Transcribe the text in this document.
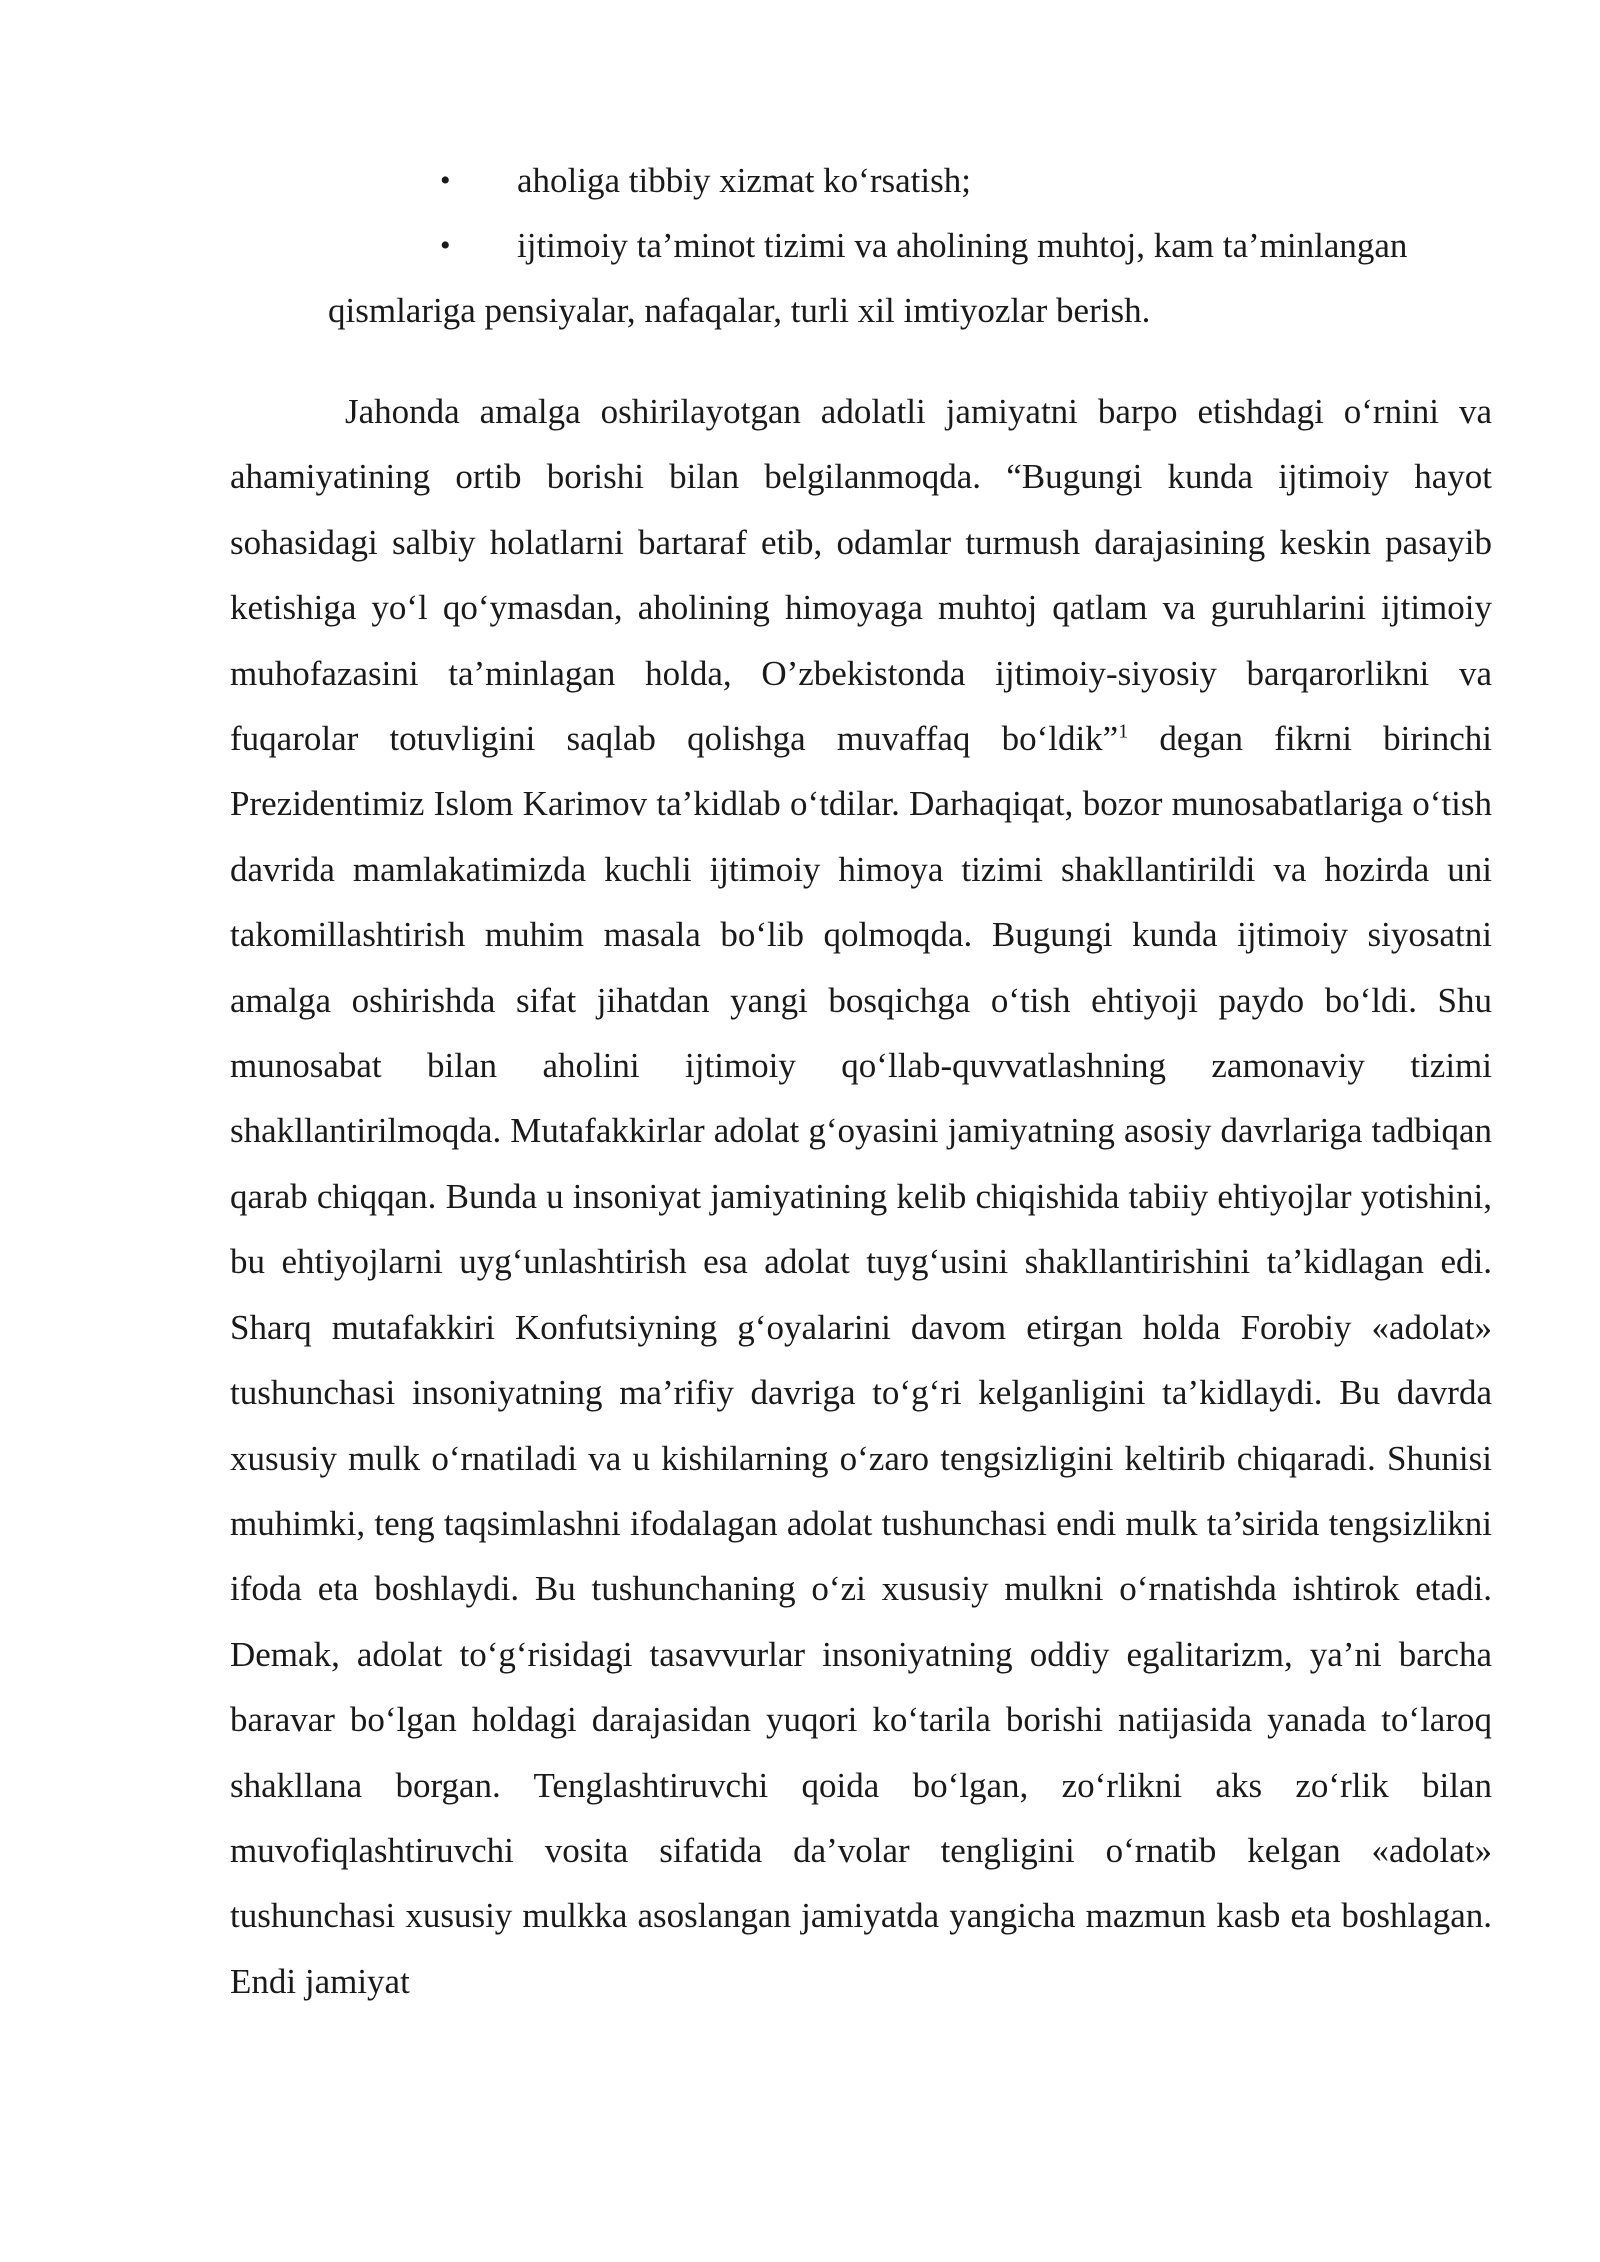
•	aholiga tibbiy xizmat ko‘rsatish;
•	ijtimoiy ta’minot tizimi va aholining muhtoj, kam ta’minlangan
qismlariga pensiyalar, nafaqalar, turli xil imtiyozlar berish.

Jahonda amalga oshirilayotgan adolatli jamiyatni barpo etishdagi o‘rnini va ahamiyatining ortib borishi bilan belgilanmoqda. “Bugungi kunda ijtimoiy hayot sohasidagi salbiy holatlarni bartaraf etib, odamlar turmush darajasining keskin pasayib ketishiga yo‘l qo‘ymasdan, aholining himoyaga muhtoj qatlam va guruhlarini ijtimoiy muhofazasini ta’minlagan holda, O’zbekistonda ijtimoiy-siyosiy barqarorlikni va fuqarolar totuvligini saqlab qolishga muvaffaq bo‘ldik”$^1$ degan fikrni birinchi Prezidentimiz Islom Karimov ta’kidlab o‘tdilar. Darhaqiqat, bozor munosabatlariga o‘tish davrida mamlakatimizda kuchli ijtimoiy himoya tizimi shakllantirildi va hozirda uni takomillashtirish muhim masala bo‘lib qolmoqda. Bugungi kunda ijtimoiy siyosatni amalga oshirishda sifat jihatdan yangi bosqichga o‘tish ehtiyoji paydo bo‘ldi. Shu munosabat bilan aholini ijtimoiy qo‘llab-quvvatlashning zamonaviy tizimi shakllantirilmoqda. Mutafakkirlar adolat g‘oyasini jamiyatning asosiy davrlariga tadbiqan qarab chiqqan. Bunda u insoniyat jamiyatining kelib chiqishida tabiiy ehtiyojlar yotishini, bu ehtiyojlarni uyg‘unlashtirish esa adolat tuyg‘usini shakllantirishini ta’kidlagan edi. Sharq mutafakkiri Konfutsiyning g‘oyalarini davom etirgan holda Forobiy «adolat» tushunchasi insoniyatning ma’rifiy davriga to‘g‘ri kelganligini ta’kidlaydi. Bu davrda xususiy mulk o‘rnatiladi va u kishilarning o‘zaro tengsizligini keltirib chiqaradi. Shunisi muhimki, teng taqsimlashni ifodalagan adolat tushunchasi endi mulk ta’sirida tengsizlikni ifoda eta boshlaydi. Bu tushunchaning o‘zi xususiy mulkni o‘rnatishda ishtirok etadi. Demak, adolat to‘g‘risidagi tasavvurlar insoniyatning oddiy egalitarizm, ya’ni barcha baravar bo‘lgan holdagi darajasidan yuqori ko‘tarila borishi natijasida yanada to‘laroq shakllana borgan. Tenglashtiruvchi qoida bo‘lgan, zo‘rlikni aks zo‘rlik bilan muvofiqlashtiruvchi vosita sifatida da’volar tengligini o‘rnatib kelgan «adolat» tushunchasi xususiy mulkka asoslangan jamiyatda yangicha mazmun kasb eta boshlagan. Endi jamiyat
